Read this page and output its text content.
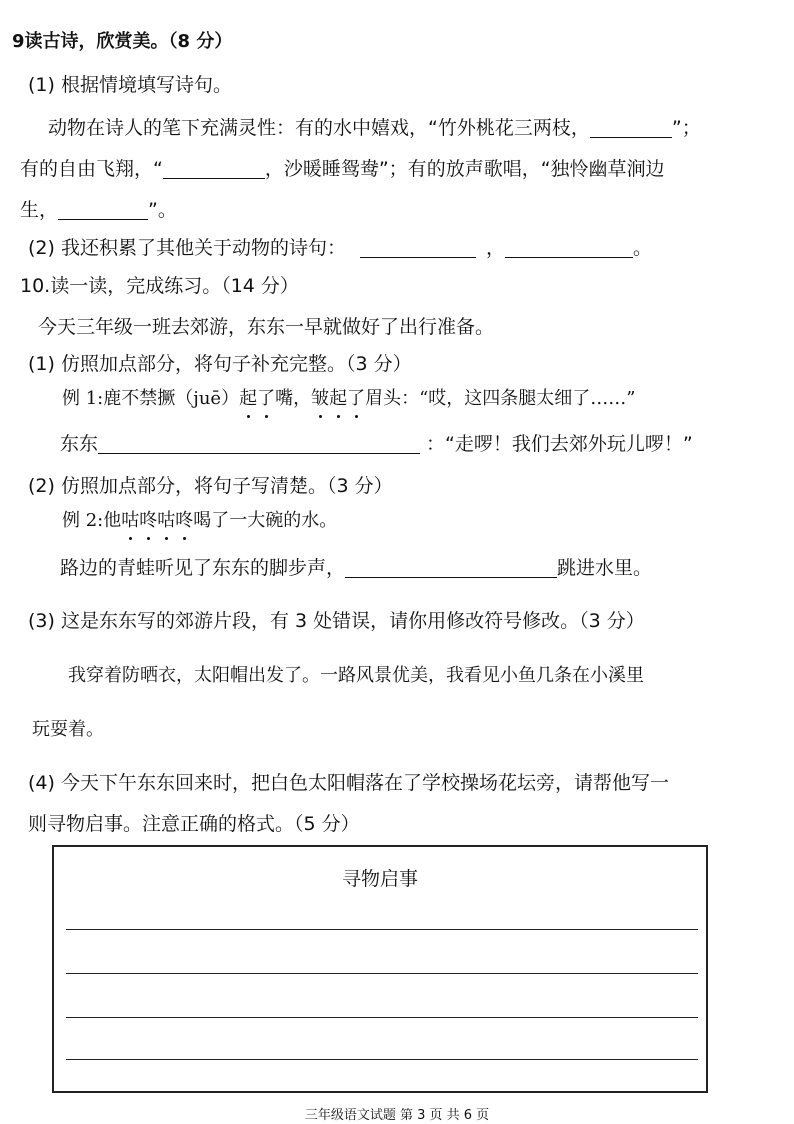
9读古诗，欣赏美。（8 分）
(1) 根据情境填写诗句。
动物在诗人的笔下充满灵性：有的水中嬉戏，“竹外桃花三两枝，	”；
有的自由飞翔，“	，沙暖睡鸳鸯”；有的放声歌唱，“独怜幽草涧边
生，	”。
(2) 我还积累了其他关于动物的诗句：	，	。
10.读一读，完成练习。（14 分）
今天三年级一班去郊游，东东一早就做好了出行准备。
(1) 仿照加点部分，将句子补充完整。（3 分）
例 1:鹿不禁撅（juē）起了嘴，皱起了眉头：“哎，这四条腿太细了……”
东东	：“走啰！我们去郊外玩儿啰！”
(2) 仿照加点部分，将句子写清楚。（3 分）
例 2:他咕咚咕咚喝了一大碗的水。
路边的青蛙听见了东东的脚步声，	跳进水里。
(3) 这是东东写的郊游片段，有 3 处错误，请你用修改符号修改。（3 分）
我穿着防晒衣，太阳帽出发了。一路风景优美，我看见小鱼几条在小溪里
玩耍着。
(4) 今天下午东东回来时，把白色太阳帽落在了学校操场花坛旁，请帮他写一
则寻物启事。注意正确的格式。（5 分）
寻物启事
三年级语文试题 第 3 页 共 6 页
